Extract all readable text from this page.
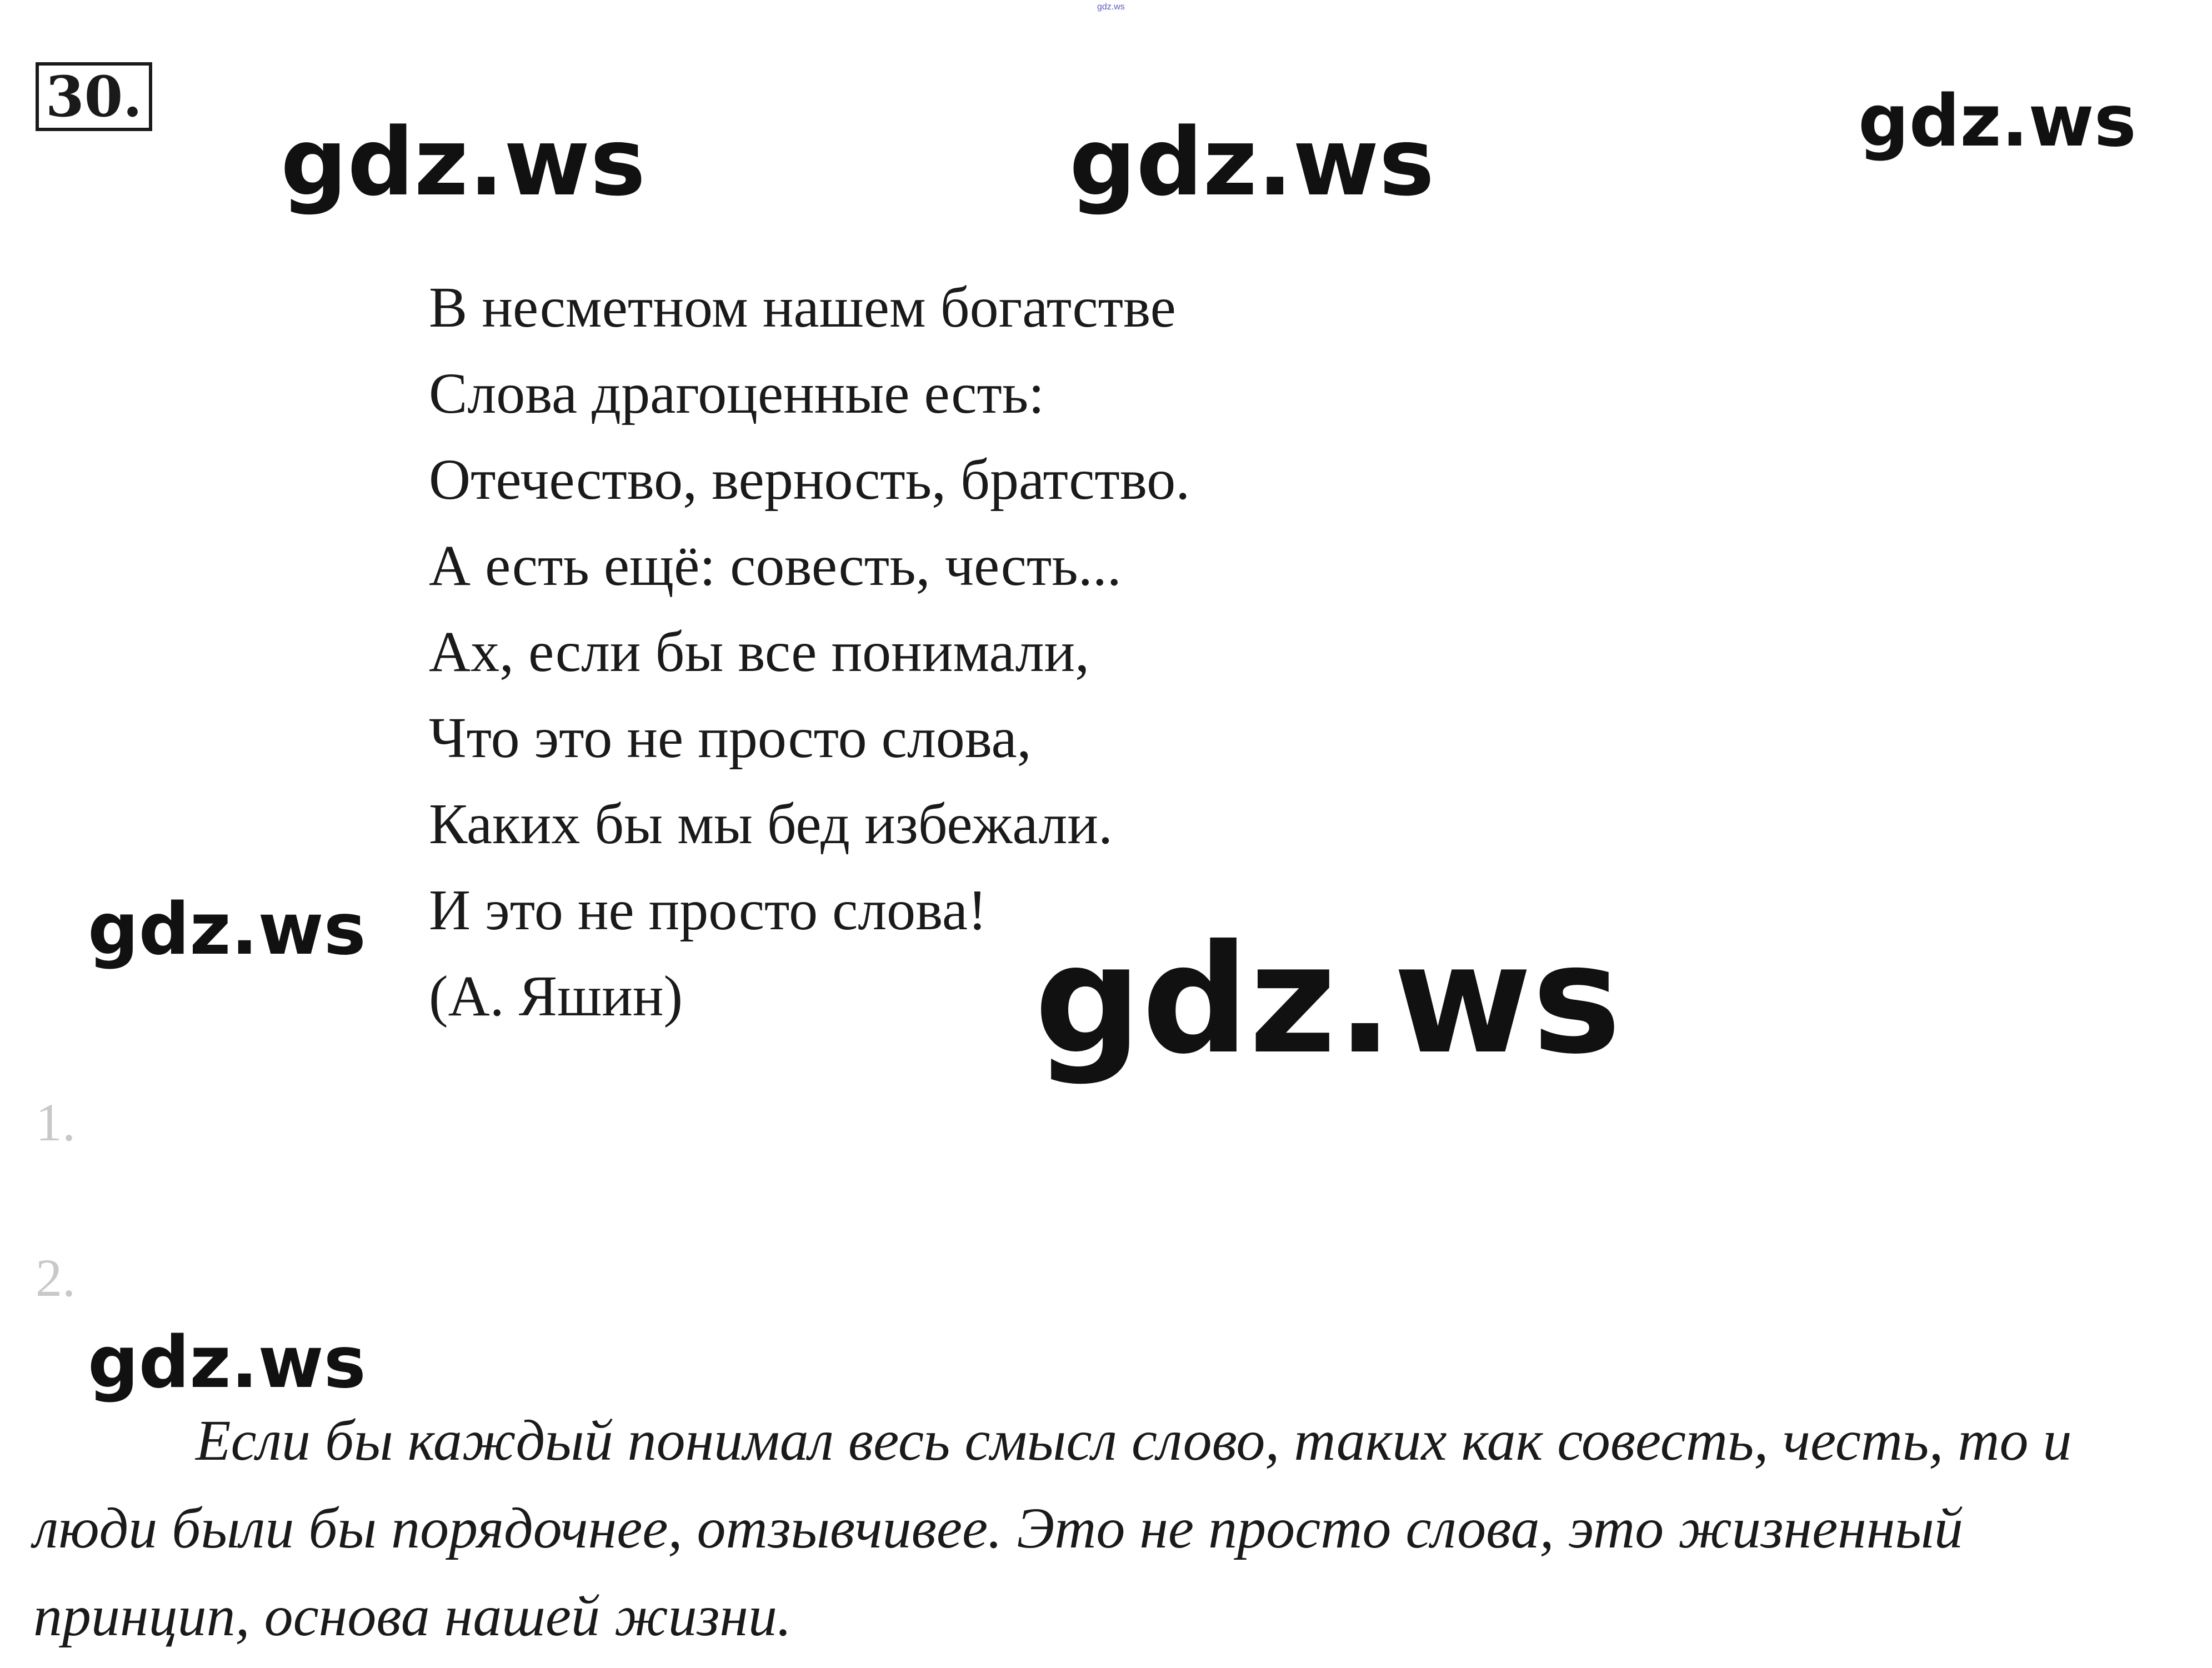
gdz.ws
30.
gdz.ws	gdz.ws	gdz.ws
В несметном нашем богатстве
Слова драгоценные есть:
Отечество, верность, братство.
А есть ещё: совесть, честь...
Ах, если бы все понимали,
Что это не просто слова,
Каких бы мы бед избежали.
И это не просто слова!
(А. Яшин)
gdz.ws	gdz.ws
1.
2.
gdz.ws
Если бы каждый понимал весь смысл слово, таких как совесть, честь, то и люди были бы порядочнее, отзывчивее. Это не просто слова, это жизненный принцип, основа нашей жизни.
